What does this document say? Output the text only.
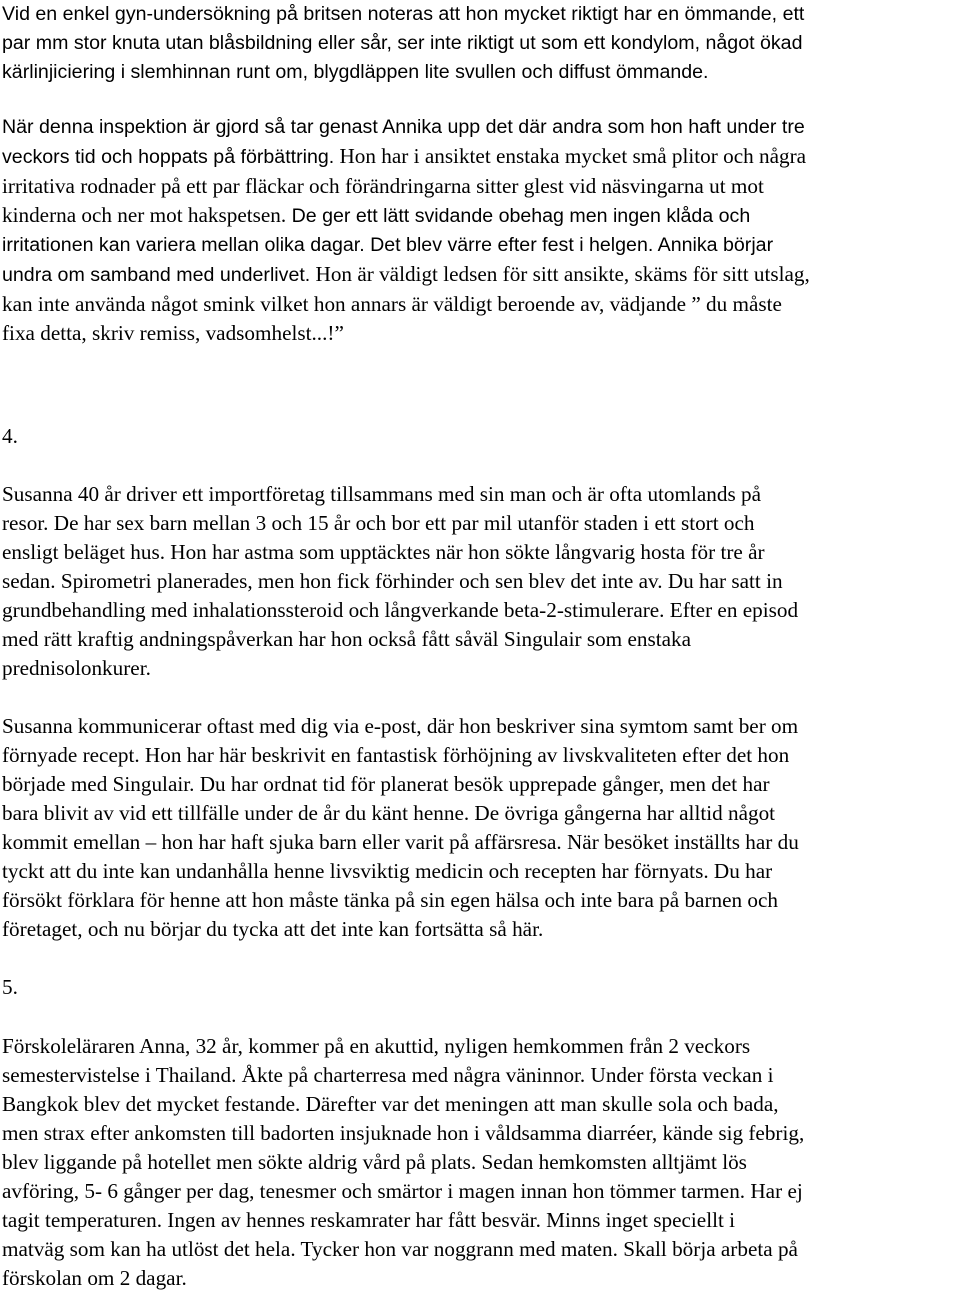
Vid en enkel gyn-undersökning på britsen noteras att hon mycket riktigt har en ömmande, ett
par mm stor knuta utan blåsbildning eller sår, ser inte riktigt ut som ett kondylom, något ökad
kärlinjiciering i slemhinnan runt om, blygdläppen lite svullen och diffust ömmande.
När denna inspektion är gjord så tar genast Annika upp det där andra som hon haft under tre
veckors tid och hoppats på förbättring. Hon har i ansiktet enstaka mycket små plitor och några
irritativa rodnader på ett par fläckar och förändringarna sitter glest vid näsvingarna ut mot
kinderna och ner mot hakspetsen. De ger ett lätt svidande obehag men ingen klåda och
irritationen kan variera mellan olika dagar. Det blev värre efter fest i helgen. Annika börjar
undra om samband med underlivet. Hon är väldigt ledsen för sitt ansikte, skäms för sitt utslag,
kan inte använda något smink vilket hon annars är väldigt beroende av, vädjande ” du måste
fixa detta, skriv remiss, vadsomhelst...!”
4.
Susanna 40 år driver ett importföretag tillsammans med sin man och är ofta utomlands på
resor. De har sex barn mellan 3 och 15 år och bor ett par mil utanför staden i ett stort och
ensligt beläget hus. Hon har astma som upptäcktes när hon sökte långvarig hosta för tre år
sedan. Spirometri planerades, men hon fick förhinder och sen blev det inte av. Du har satt in
grundbehandling med inhalationssteroid och långverkande beta-2-stimulerare. Efter en episod
med rätt kraftig andningspåverkan har hon också fått såväl Singulair som enstaka
prednisolonkurer.
Susanna kommunicerar oftast med dig via e-post, där hon beskriver sina symtom samt ber om
förnyade recept. Hon har här beskrivit en fantastisk förhöjning av livskvaliteten efter det hon
började med Singulair. Du har ordnat tid för planerat besök upprepade gånger, men det har
bara blivit av vid ett tillfälle under de år du känt henne. De övriga gångerna har alltid något
kommit emellan – hon har haft sjuka barn eller varit på affärsresa. När besöket inställts har du
tyckt att du inte kan undanhålla henne livsviktig medicin och recepten har förnyats. Du har
försökt förklara för henne att hon måste tänka på sin egen hälsa och inte bara på barnen och
företaget, och nu börjar du tycka att det inte kan fortsätta så här.
5.
Förskoleläraren Anna, 32 år, kommer på en akuttid, nyligen hemkommen från 2 veckors
semestervistelse i Thailand. Åkte på charterresa med några väninnor. Under första veckan i
Bangkok blev det mycket festande. Därefter var det meningen att man skulle sola och bada,
men strax efter ankomsten till badorten insjuknade hon i våldsamma diarréer, kände sig febrig,
blev liggande på hotellet men sökte aldrig vård på plats. Sedan hemkomsten alltjämt lös
avföring, 5- 6 gånger per dag, tenesmer och smärtor i magen innan hon tömmer tarmen. Har ej
tagit temperaturen. Ingen av hennes reskamrater har fått besvär. Minns inget speciellt i
matväg som kan ha utlöst det hela. Tycker hon var noggrann med maten. Skall börja arbeta på
förskolan om 2 dagar.
